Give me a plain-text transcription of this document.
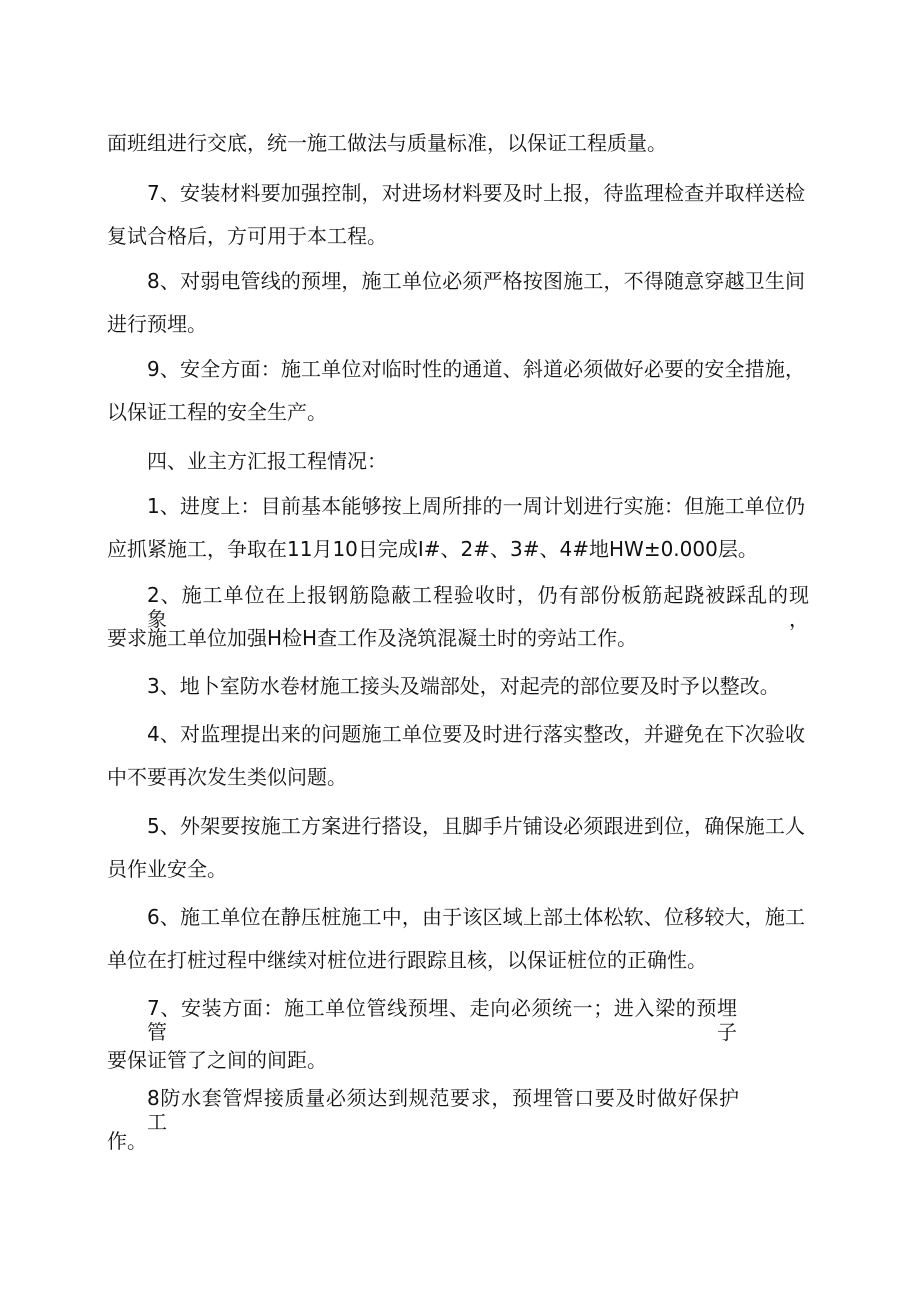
面班组进行交底，统一施工做法与质量标准，以保证工程质量。
7、安装材料要加强控制，对进场材料要及时上报，待监理检查并取样送检
复试合格后，方可用于本工程。
8、对弱电管线的预埋，施工单位必须严格按图施工，不得随意穿越卫生间
进行预埋。
9、安全方面：施工单位对临时性的通道、斜道必须做好必要的安全措施，
以保证工程的安全生产。
四、业主方汇报工程情况：
1、进度上：目前基本能够按上周所排的一周计划进行实施：但施工单位仍
应抓紧施工，争取在11月10日完成I#、2#、3#、4#地HW±0.000层。
2、施工单位在上报钢筋隐蔽工程验收时，仍有部份板筋起跷被踩乱的现象，
要求施工单位加强H检H查工作及浇筑混凝土时的旁站工作。
3、地卜室防水卷材施工接头及端部处，对起壳的部位要及时予以整改。
4、对监理提出来的问题施工单位要及时进行落实整改，并避免在下次验收
中不要再次发生类似问题。
5、外架要按施工方案进行搭设，且脚手片铺设必须跟进到位，确保施工人
员作业安全。
6、施工单位在静压桩施工中，由于该区域上部土体松软、位移较大，施工
单位在打桩过程中继续对桩位进行跟踪且核，以保证桩位的正确性。
7、安装方面：施工单位管线预埋、走向必须统一；进入梁的预埋管子
要保证管了之间的间距。
8防水套管焊接质量必须达到规范要求，预埋管口要及时做好保护工
作。
